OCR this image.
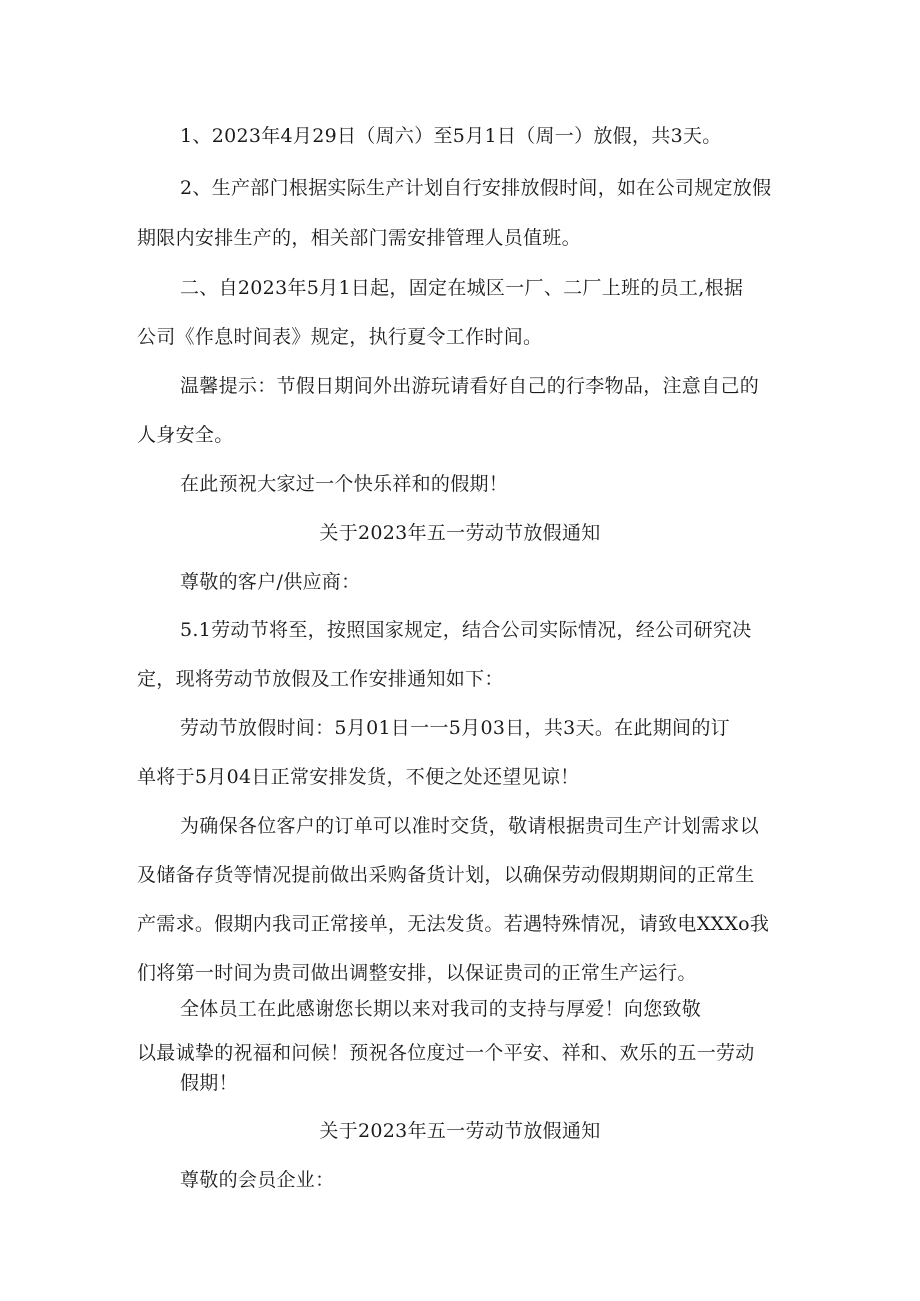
1、2023年4月29日（周六）至5月1日（周一）放假，共3天。
2、生产部门根据实际生产计划自行安排放假时间，如在公司规定放假
期限内安排生产的，相关部门需安排管理人员值班。
二、自2023年5月1日起，固定在城区一厂、二厂上班的员工,根据
公司《作息时间表》规定，执行夏令工作时间。
温馨提示：节假日期间外出游玩请看好自己的行李物品，注意自己的
人身安全。
在此预祝大家过一个快乐祥和的假期！
关于2023年五一劳动节放假通知
尊敬的客户/供应商：
5.1劳动节将至，按照国家规定，结合公司实际情况，经公司研究决
定，现将劳动节放假及工作安排通知如下：
劳动节放假时间：5月01日一一5月03日，共3天。在此期间的订
单将于5月04日正常安排发货，不便之处还望见谅！
为确保各位客户的订单可以准时交货，敬请根据贵司生产计划需求以
及储备存货等情况提前做出采购备货计划，以确保劳动假期期间的正常生
产需求。假期内我司正常接单，无法发货。若遇特殊情况，请致电XXXo我
们将第一时间为贵司做出调整安排，以保证贵司的正常生产运行。
全体员工在此感谢您长期以来对我司的支持与厚爱！向您致敬
以最诚挚的祝福和问候！预祝各位度过一个平安、祥和、欢乐的五一劳动
假期！
关于2023年五一劳动节放假通知
尊敬的会员企业：
